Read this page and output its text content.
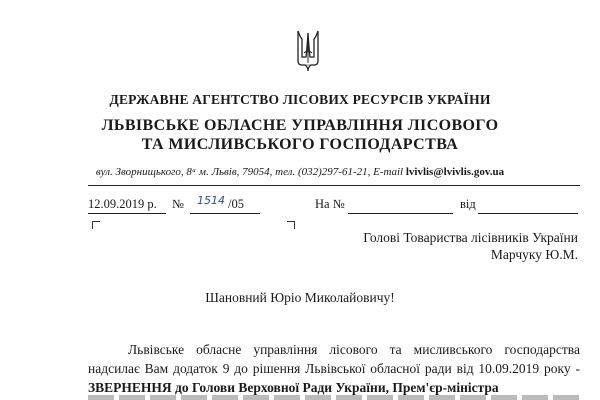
ДЕРЖАВНЕ АГЕНТСТВО ЛІСОВИХ РЕСУРСІВ УКРАЇНИ
ЛЬВІВСЬКЕ ОБЛАСНЕ УПРАВЛІННЯ ЛІСОВОГО
ТА МИСЛИВСЬКОГО ГОСПОДАРСТВА
вул. Зворнищького, 8ᵃ м. Львів, 79054, тел. (032)297-61-21, E-mail lvivlis@lvivlis.gov.ua
12.09.2019 р. № 1514 /05	На №	від
Голові Товариства лісівників України
Марчуку Ю.М.
Шановний Юріо Миколайовичу!

Львівське обласне управління лісового та мисливського господарства надсилає Вам додаток 9 до рішення Львівської обласної ради від 10.09.2019 року - ЗВЕРНЕННЯ до Голови Верховної Ради України, Прем'єр-міністра
